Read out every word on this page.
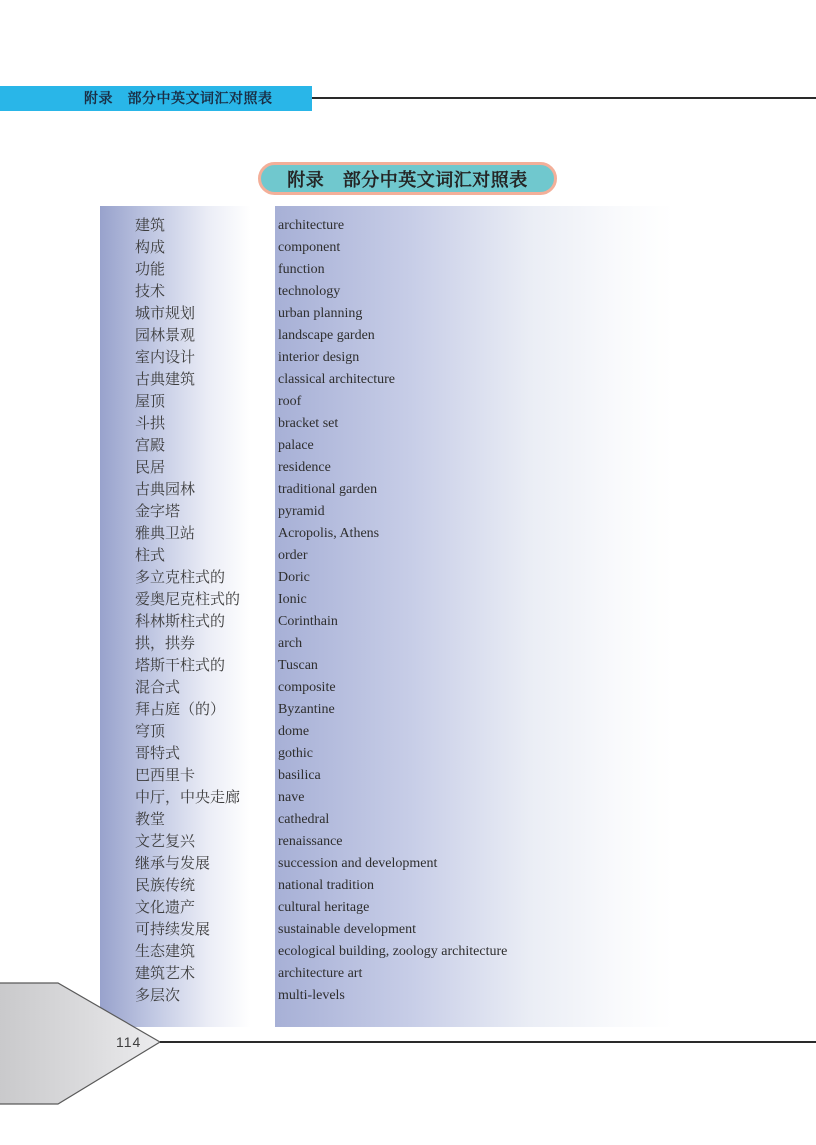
附录　部分中英文词汇对照表
附录　部分中英文词汇对照表
建筑	architecture
构成	component
功能	function
技术	technology
城市规划	urban planning
园林景观	landscape garden
室内设计	interior design
古典建筑	classical architecture
屋顶	roof
斗拱	bracket set
宫殿	palace
民居	residence
古典园林	traditional garden
金字塔	pyramid
雅典卫站	Acropolis, Athens
柱式	order
多立克柱式的	Doric
爱奥尼克柱式的	Ionic
科林斯柱式的	Corinthain
拱，拱券	arch
塔斯干柱式的	Tuscan
混合式	composite
拜占庭（的）	Byzantine
穹顶	dome
哥特式	gothic
巴西里卡	basilica
中厅，中央走廊	nave
教堂	cathedral
文艺复兴	renaissance
继承与发展	succession and development
民族传统	national tradition
文化遗产	cultural heritage
可持续发展	sustainable development
生态建筑	ecological building, zoology architecture
建筑艺术	architecture art
多层次	multi-levels
114
